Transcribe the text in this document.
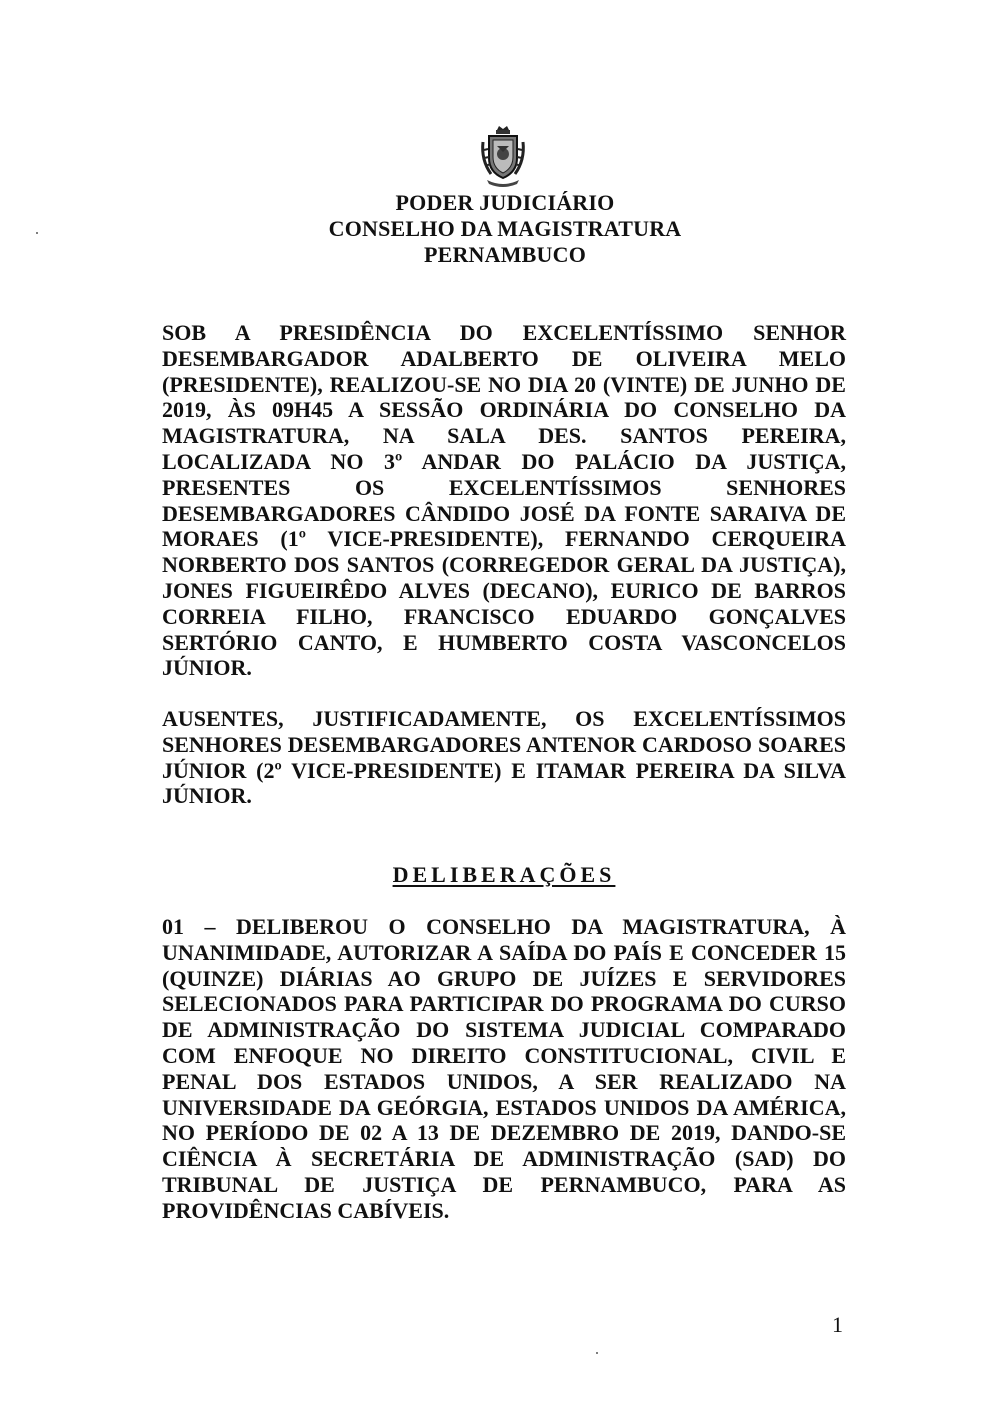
PODER JUDICIÁRIO
CONSELHO DA MAGISTRATURA
PERNAMBUCO

SOB A PRESIDÊNCIA DO EXCELENTÍSSIMO SENHOR DESEMBARGADOR ADALBERTO DE OLIVEIRA MELO (PRESIDENTE), REALIZOU-SE NO DIA 20 (VINTE) DE JUNHO DE 2019, ÀS 09H45 A SESSÃO ORDINÁRIA DO CONSELHO DA MAGISTRATURA, NA SALA DES. SANTOS PEREIRA, LOCALIZADA NO 3º ANDAR DO PALÁCIO DA JUSTIÇA, PRESENTES OS EXCELENTÍSSIMOS SENHORES DESEMBARGADORES CÂNDIDO JOSÉ DA FONTE SARAIVA DE MORAES (1º VICE-PRESIDENTE), FERNANDO CERQUEIRA NORBERTO DOS SANTOS (CORREGEDOR GERAL DA JUSTIÇA), JONES FIGUEIRÊDO ALVES (DECANO), EURICO DE BARROS CORREIA FILHO, FRANCISCO EDUARDO GONÇALVES SERTÓRIO CANTO, E HUMBERTO COSTA VASCONCELOS JÚNIOR.

AUSENTES, JUSTIFICADAMENTE, OS EXCELENTÍSSIMOS SENHORES DESEMBARGADORES ANTENOR CARDOSO SOARES JÚNIOR (2º VICE-PRESIDENTE) E ITAMAR PEREIRA DA SILVA JÚNIOR.

DELIBERAÇÕES

01 – DELIBEROU O CONSELHO DA MAGISTRATURA, À UNANIMIDADE, AUTORIZAR A SAÍDA DO PAÍS E CONCEDER 15 (QUINZE) DIÁRIAS AO GRUPO DE JUÍZES E SERVIDORES SELECIONADOS PARA PARTICIPAR DO PROGRAMA DO CURSO DE ADMINISTRAÇÃO DO SISTEMA JUDICIAL COMPARADO COM ENFOQUE NO DIREITO CONSTITUCIONAL, CIVIL E PENAL DOS ESTADOS UNIDOS, A SER REALIZADO NA UNIVERSIDADE DA GEÓRGIA, ESTADOS UNIDOS DA AMÉRICA, NO PERÍODO DE 02 A 13 DE DEZEMBRO DE 2019, DANDO-SE CIÊNCIA À SECRETÁRIA DE ADMINISTRAÇÃO (SAD) DO TRIBUNAL DE JUSTIÇA DE PERNAMBUCO, PARA AS PROVIDÊNCIAS CABÍVEIS.

1
